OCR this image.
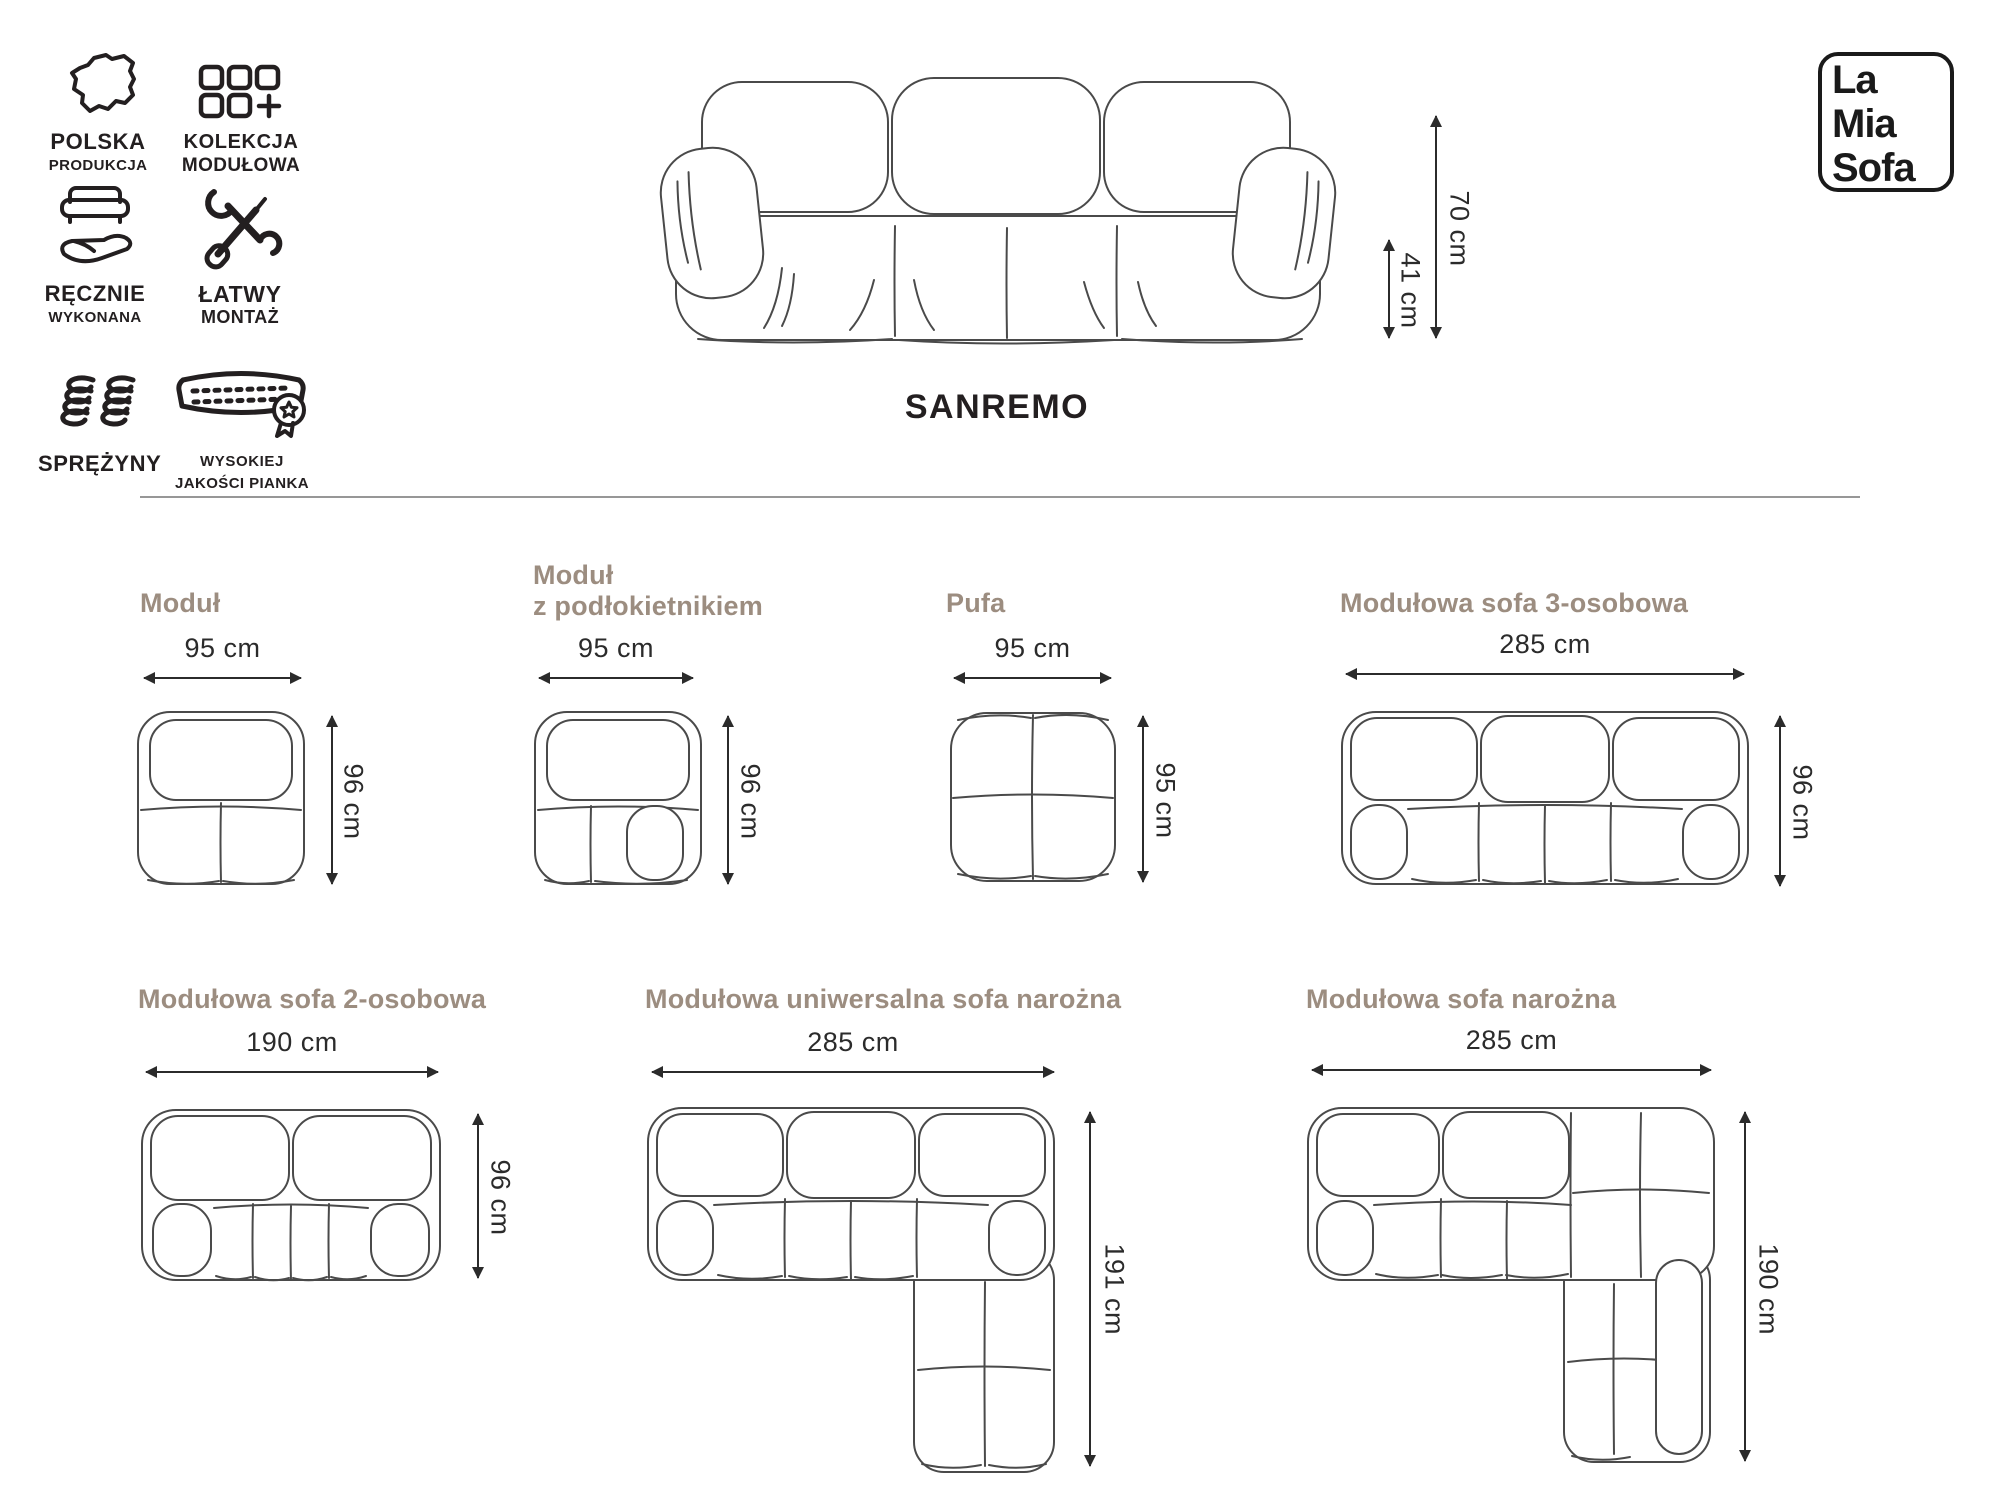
POLSKA
PRODUKCJA
KOLEKCJA
MODUŁOWA
RĘCZNIE
WYKONANA
ŁATWY
MONTAŻ
SPRĘŻYNY	WYSOKIEJ
JAKOŚCI PIANKA
La
Mia
Sofa
70 cm
41 cm
SANREMO
Moduł
95 cm
96 cm
Moduł
z podłokietnikiem
95 cm
96 cm
Pufa
95 cm
95 cm
Modułowa sofa 3-osobowa
285 cm
96 cm
Modułowa sofa 2-osobowa
190 cm
96 cm
Modułowa uniwersalna sofa narożna
285 cm
191 cm
Modułowa sofa narożna
285 cm
190 cm
